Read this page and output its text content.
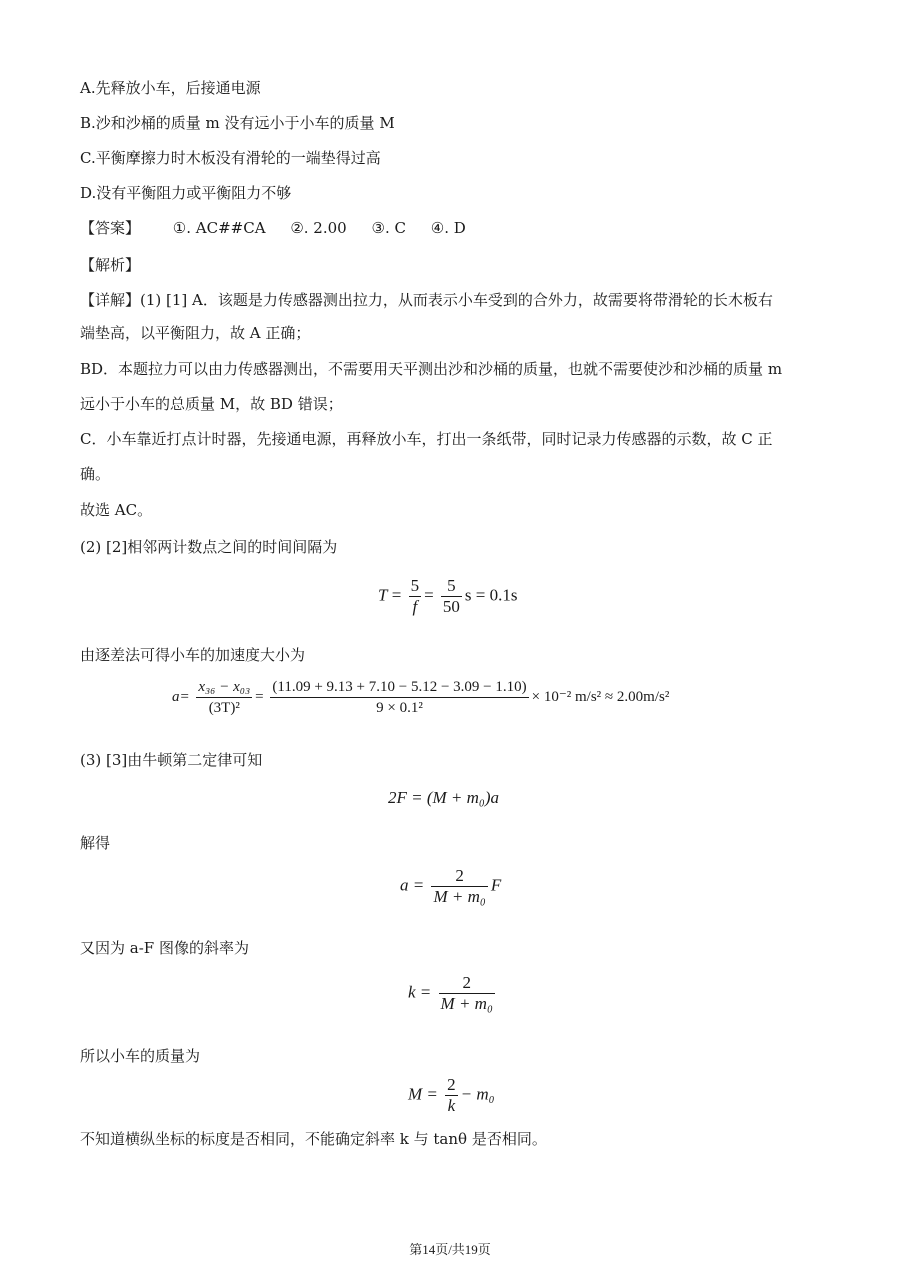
A.先释放小车，后接通电源
B.沙和沙桶的质量 m 没有远小于小车的质量 M
C.平衡摩擦力时木板没有滑轮的一端垫得过高
D.没有平衡阻力或平衡阻力不够
【答案】 ①. AC##CA ②. 2.00 ③. C ④. D
【解析】
【详解】(1) [1] A．该题是力传感器测出拉力，从而表示小车受到的合外力，故需要将带滑轮的长木板右
端垫高，以平衡阻力，故 A 正确；
BD．本题拉力可以由力传感器测出，不需要用天平测出沙和沙桶的质量，也就不需要使沙和沙桶的质量 m
远小于小车的总质量 M，故 BD 错误；
C．小车靠近打点计时器，先接通电源，再释放小车，打出一条纸带，同时记录力传感器的示数，故 C 正
确。
故选 AC。
(2) [2]相邻两计数点之间的时间间隔为
$T = \frac{5}{f} = \frac{5}{50}$ s = 0.1s
由逐差法可得小车的加速度大小为
$a= \frac{\text{x₃₆ − x₀₃}}{\text{(3T)²}} = \frac{(11.09 + 9.13 + 7.10 - 5.12 - 3.09 - 1.10)}{\text{9 × 0.1²}} \times 10^{-2}$ m/s² ≈ 2.00m/s²
(3) [3]由牛顿第二定律可知
2F = (M + m₀)a
解得
$a = \frac{2}{\text{M + m₀}}$ F
又因为 a-F 图像的斜率为
$k = \frac{2}{\text{M + m₀}}$
所以小车的质量为
$M = \frac{2}{k} - m_0$
不知道横纵坐标的标度是否相同，不能确定斜率 k 与 tanθ 是否相同。
第14页/共19页
